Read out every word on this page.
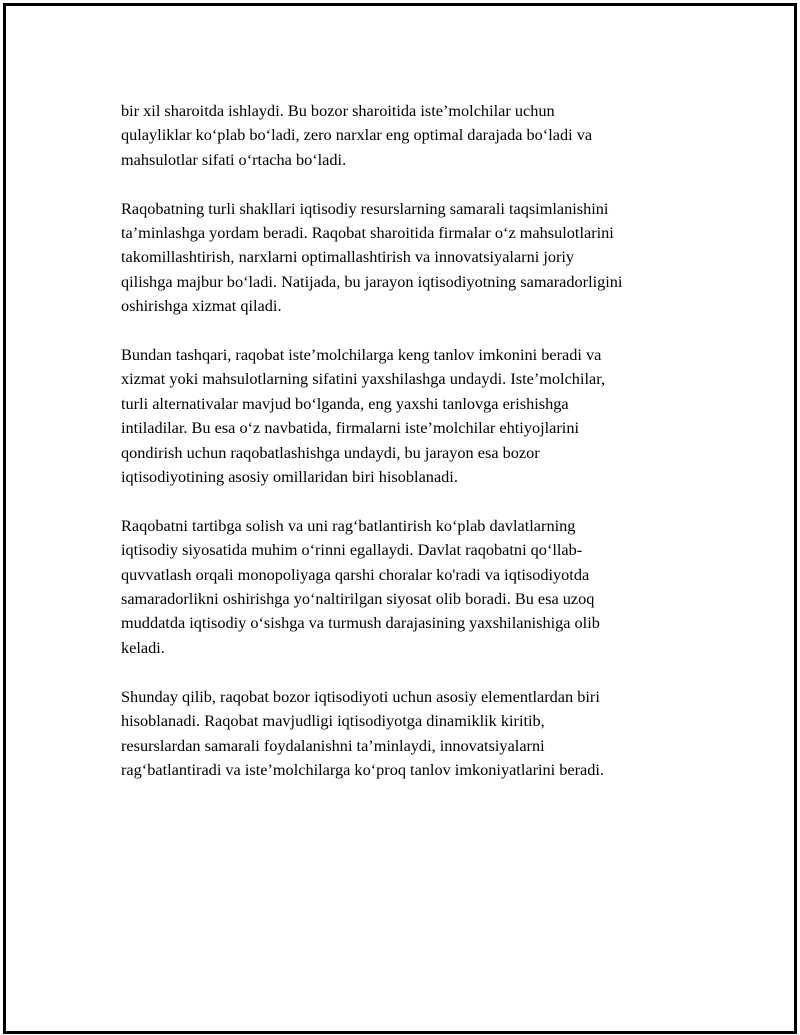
bir xil sharoitda ishlaydi. Bu bozor sharoitida iste’molchilar uchun
qulayliklar ko‘plab bo‘ladi, zero narxlar eng optimal darajada bo‘ladi va
mahsulotlar sifati o‘rtacha bo‘ladi.

Raqobatning turli shakllari iqtisodiy resurslarning samarali taqsimlanishini
ta’minlashga yordam beradi. Raqobat sharoitida firmalar o‘z mahsulotlarini
takomillashtirish, narxlarni optimallashtirish va innovatsiyalarni joriy
qilishga majbur bo‘ladi. Natijada, bu jarayon iqtisodiyotning samaradorligini
oshirishga xizmat qiladi.

Bundan tashqari, raqobat iste’molchilarga keng tanlov imkonini beradi va
xizmat yoki mahsulotlarning sifatini yaxshilashga undaydi. Iste’molchilar,
turli alternativalar mavjud bo‘lganda, eng yaxshi tanlovga erishishga
intiladilar. Bu esa o‘z navbatida, firmalarni iste’molchilar ehtiyojlarini
qondirish uchun raqobatlashishga undaydi, bu jarayon esa bozor
iqtisodiyotining asosiy omillaridan biri hisoblanadi.

Raqobatni tartibga solish va uni rag‘batlantirish ko‘plab davlatlarning
iqtisodiy siyosatida muhim o‘rinni egallaydi. Davlat raqobatni qo‘llab-
quvvatlash orqali monopoliyaga qarshi choralar ko'radi va iqtisodiyotda
samaradorlikni oshirishga yo‘naltirilgan siyosat olib boradi. Bu esa uzoq
muddatda iqtisodiy o‘sishga va turmush darajasining yaxshilanishiga olib
keladi.

Shunday qilib, raqobat bozor iqtisodiyoti uchun asosiy elementlardan biri
hisoblanadi. Raqobat mavjudligi iqtisodiyotga dinamiklik kiritib,
resurslardan samarali foydalanishni ta’minlaydi, innovatsiyalarni
rag‘batlantiradi va iste’molchilarga ko‘proq tanlov imkoniyatlarini beradi.
